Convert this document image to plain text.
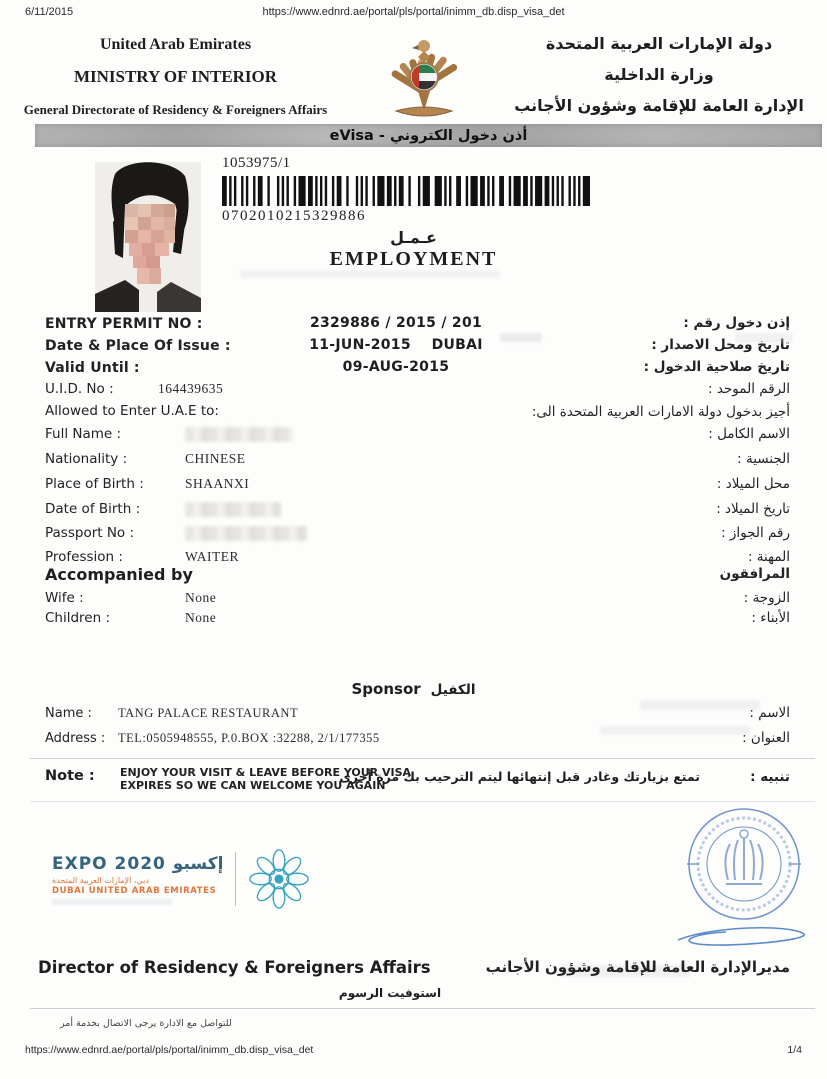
6/11/2015	https://www.ednrd.ae/portal/pls/portal/inimm_db.disp_visa_det
United Arab Emirates
MINISTRY OF INTERIOR
General Directorate of Residency & Foreigners Affairs
دولة الإمارات العربية المتحدة
وزارة الداخلية
الإدارة العامة للإقامة وشؤون الأجانب
eVisa - أذن دخول الكتروني
1053975/1
0702010215329886
عـمـل
EMPLOYMENT
ENTRY PERMIT NO :	2329886 / 2015 / 201	إذن دخول رقم :
Date & Place Of Issue :	11-JUN-2015    DUBAI	تاريخ ومحل الاصدار :
Valid Until :	09-AUG-2015	تاريخ صلاحية الدخول :
U.I.D. No :	164439635	الرقم الموحد :
Allowed to Enter U.A.E to:	أجيز بدخول دولة الامارات العربية المتحدة الى:
Full Name :	الاسم الكامل :
Nationality :	CHINESE	الجنسية :
Place of Birth :	SHAANXI	محل الميلاد :
Date of Birth :	تاريخ الميلاد :
Passport No :	رقم الجواز :
Profession :	WAITER	المهنة :
Accompanied by	المرافقون
Wife :	None	الزوجة :
Children :	None	الأبناء :
Sponsor الكفيل
Name : TANG PALACE RESTAURANT	الاسم :
Address : TEL:0505948555, P.0.BOX :32288, 2/1/177355	العنوان :
Note : ENJOY YOUR VISIT & LEAVE BEFORE YOUR VISA
EXPIRES SO WE CAN WELCOME YOU AGAIN
تمتع بزيارتك وغادر قبل إنتهائها ليتم الترحيب بك مرة أخرى	تنبيه :
EXPO 2020 إكسبو
دبي، الإمارات العربية المتحدة
DUBAI UNITED ARAB EMIRATES
Director of Residency & Foreigners Affairs	مديرالإدارة العامة للإقامة وشؤون الأجانب
استوفيت الرسوم
للتواصل مع الادارة يرجى الاتصال بخدمة أمر
https://www.ednrd.ae/portal/pls/portal/inimm_db.disp_visa_det	1/4
